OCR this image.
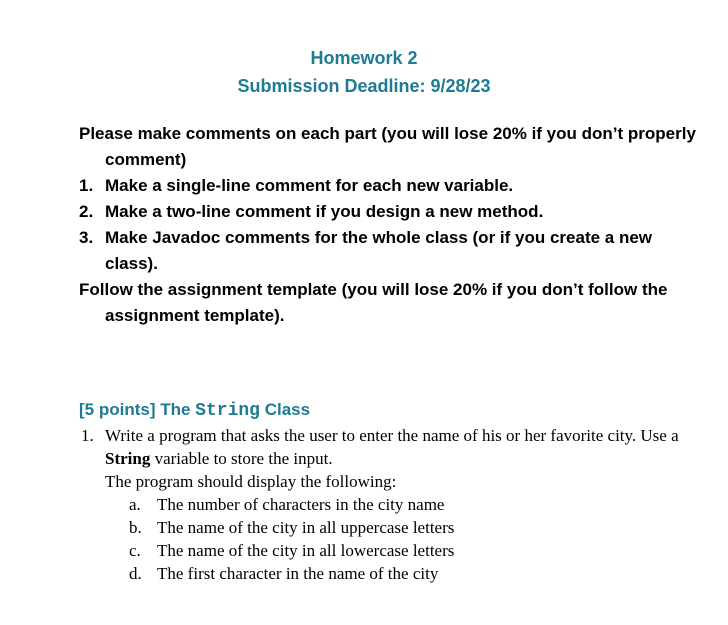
Homework 2
Submission Deadline: 9/28/23
Please make comments on each part (you will lose 20% if you don’t properly comment)
1. Make a single-line comment for each new variable.
2. Make a two-line comment if you design a new method.
3. Make Javadoc comments for the whole class (or if you create a new class).
Follow the assignment template (you will lose 20% if you don’t follow the assignment template).
[5 points] The String Class
1. Write a program that asks the user to enter the name of his or her favorite city. Use a String variable to store the input.
The program should display the following:
a. The number of characters in the city name
b. The name of the city in all uppercase letters
c. The name of the city in all lowercase letters
d. The first character in the name of the city
